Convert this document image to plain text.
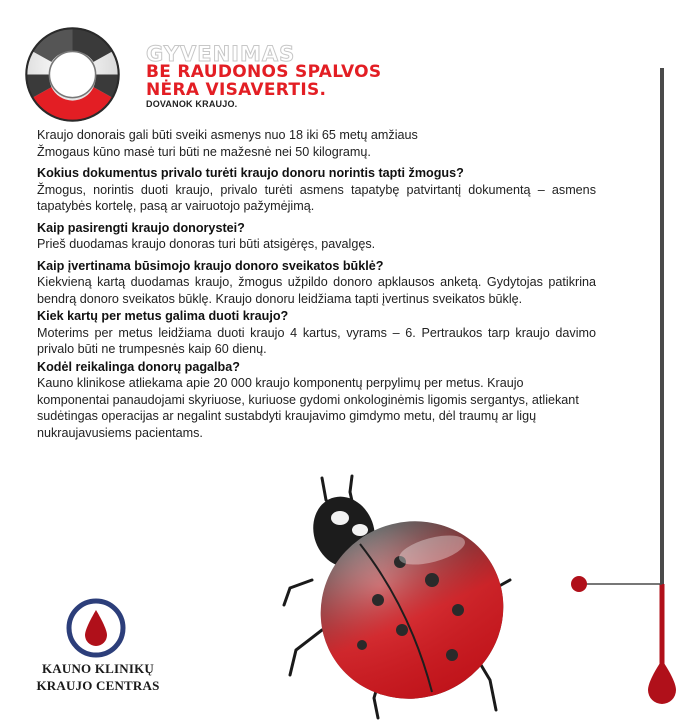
GYVENIMAS
BE RAUDONOS SPALVOS
NĖRA VISAVERTIS.
DOVANOK KRAUJO.

Kraujo donorais gali būti sveiki asmenys nuo 18 iki 65 metų amžiaus

Žmogaus kūno masė turi būti ne mažesnė nei 50 kilogramų.

Kokius dokumentus privalo turėti kraujo donoru norintis tapti žmogus?
Žmogus, norintis duoti kraujo, privalo turėti asmens tapatybę patvirtantį dokumentą – asmens tapatybės kortelę, pasą ar vairuotojo pažymėjimą.
Kaip pasirengti kraujo donorystei?
Prieš duodamas kraujo donoras turi būti atsigėręs, pavalgęs.
Kaip įvertinama būsimojo kraujo donoro sveikatos būklė?
Kiekvieną kartą duodamas kraujo, žmogus užpildo donoro apklausos anketą. Gydytojas patikrina bendrą donoro sveikatos būklę. Kraujo donoru leidžiama tapti įvertinus sveikatos būklę.
Kiek kartų per metus galima duoti kraujo?
Moterims per metus leidžiama duoti kraujo 4 kartus, vyrams – 6. Pertraukos tarp kraujo davimo privalo būti ne trumpesnės kaip 60 dienų.
Kodėl reikalinga donorų pagalba?
Kauno klinikose atliekama apie 20 000 kraujo komponentų perpylimų per metus. Kraujo komponentai panaudojami skyriuose, kuriuose gydomi onkologinėmis ligomis sergantys, atliekant sudėtingas operacijas ar negalint sustabdyti kraujavimo gimdymo metu, dėl traumų ar ligų nukraujavusiems pacientams.
KAUNO KLINIKŲ
KRAUJO CENTRAS
